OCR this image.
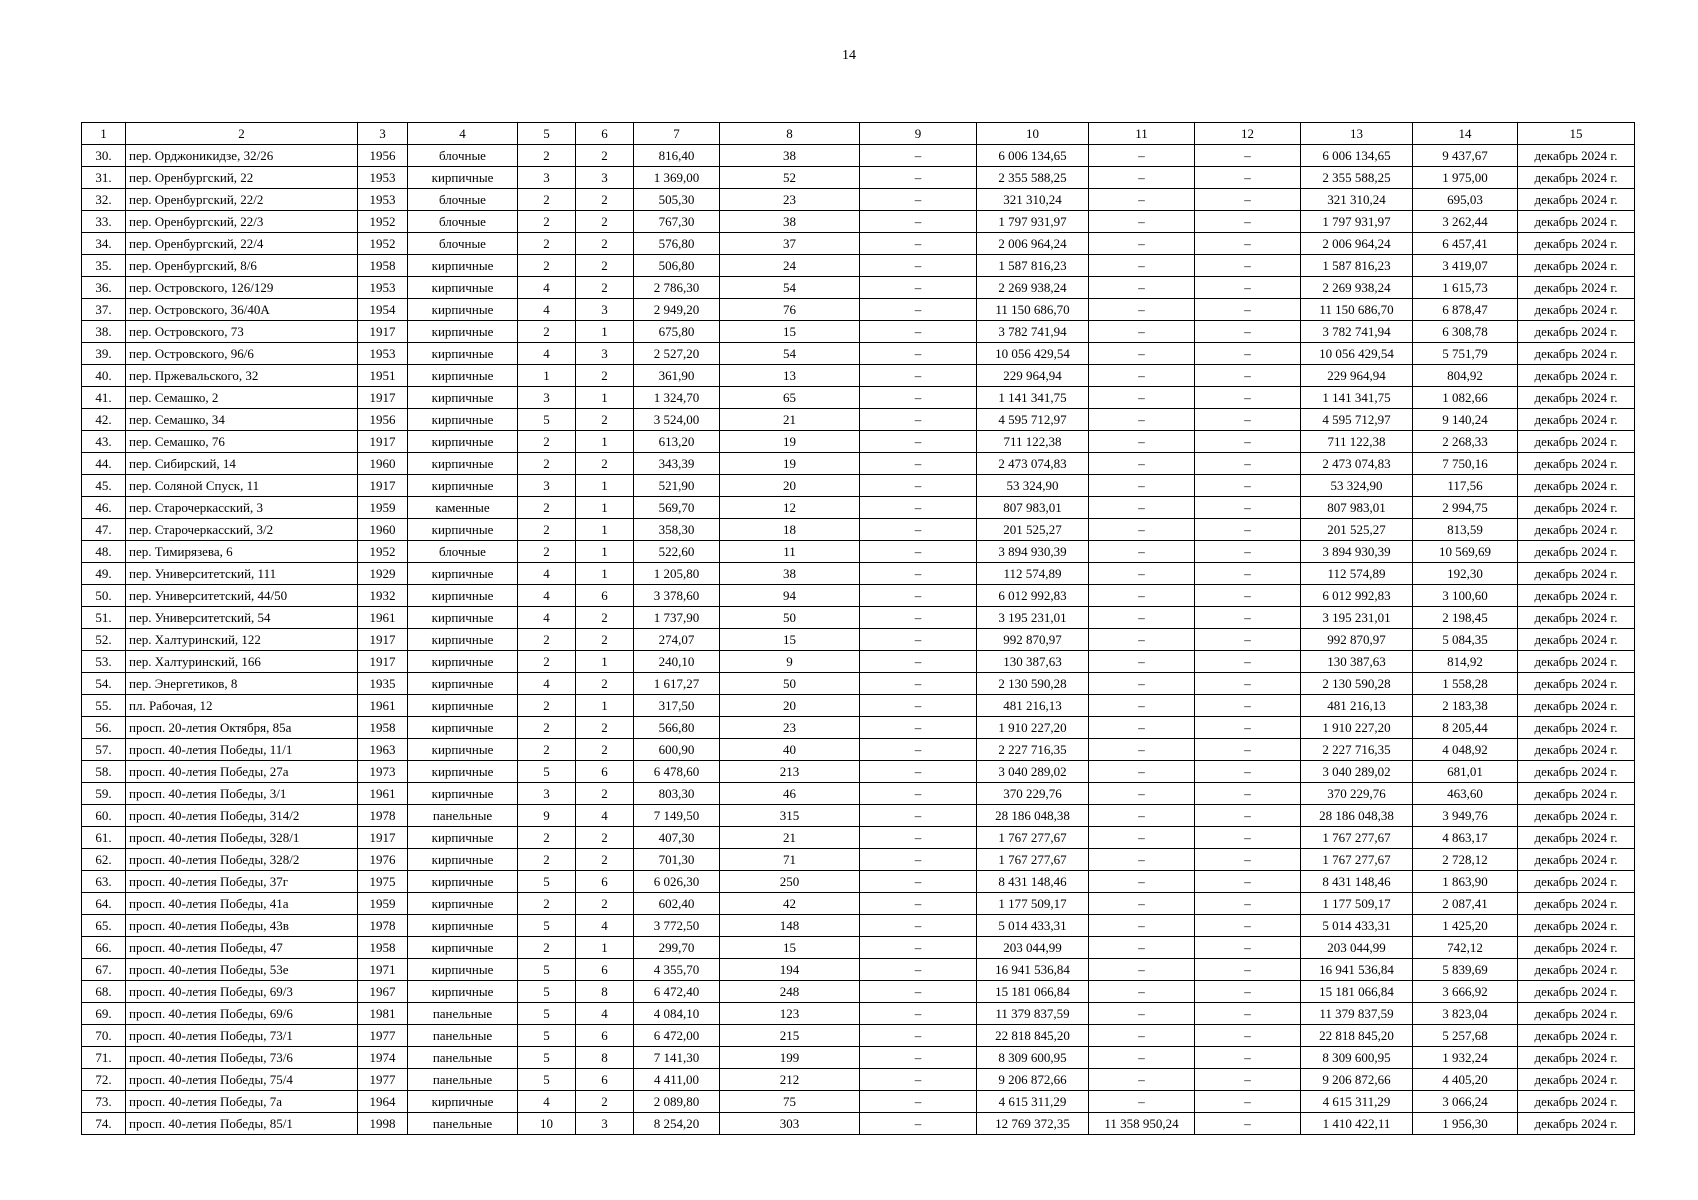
14
1	2	3	4	5	6	7	8	9	10	11	12	13	14	15
30.	пер. Орджоникидзе, 32/26	1956	блочные	2	2	816,40	38	–	6 006 134,65	–	–	6 006 134,65	9 437,67	декабрь 2024 г.
31.	пер. Оренбургский, 22	1953	кирпичные	3	3	1 369,00	52	–	2 355 588,25	–	–	2 355 588,25	1 975,00	декабрь 2024 г.
32.	пер. Оренбургский, 22/2	1953	блочные	2	2	505,30	23	–	321 310,24	–	–	321 310,24	695,03	декабрь 2024 г.
33.	пер. Оренбургский, 22/3	1952	блочные	2	2	767,30	38	–	1 797 931,97	–	–	1 797 931,97	3 262,44	декабрь 2024 г.
34.	пер. Оренбургский, 22/4	1952	блочные	2	2	576,80	37	–	2 006 964,24	–	–	2 006 964,24	6 457,41	декабрь 2024 г.
35.	пер. Оренбургский, 8/6	1958	кирпичные	2	2	506,80	24	–	1 587 816,23	–	–	1 587 816,23	3 419,07	декабрь 2024 г.
36.	пер. Островского, 126/129	1953	кирпичные	4	2	2 786,30	54	–	2 269 938,24	–	–	2 269 938,24	1 615,73	декабрь 2024 г.
37.	пер. Островского, 36/40А	1954	кирпичные	4	3	2 949,20	76	–	11 150 686,70	–	–	11 150 686,70	6 878,47	декабрь 2024 г.
38.	пер. Островского, 73	1917	кирпичные	2	1	675,80	15	–	3 782 741,94	–	–	3 782 741,94	6 308,78	декабрь 2024 г.
39.	пер. Островского, 96/6	1953	кирпичные	4	3	2 527,20	54	–	10 056 429,54	–	–	10 056 429,54	5 751,79	декабрь 2024 г.
40.	пер. Пржевальского, 32	1951	кирпичные	1	2	361,90	13	–	229 964,94	–	–	229 964,94	804,92	декабрь 2024 г.
41.	пер. Семашко, 2	1917	кирпичные	3	1	1 324,70	65	–	1 141 341,75	–	–	1 141 341,75	1 082,66	декабрь 2024 г.
42.	пер. Семашко, 34	1956	кирпичные	5	2	3 524,00	21	–	4 595 712,97	–	–	4 595 712,97	9 140,24	декабрь 2024 г.
43.	пер. Семашко, 76	1917	кирпичные	2	1	613,20	19	–	711 122,38	–	–	711 122,38	2 268,33	декабрь 2024 г.
44.	пер. Сибирский, 14	1960	кирпичные	2	2	343,39	19	–	2 473 074,83	–	–	2 473 074,83	7 750,16	декабрь 2024 г.
45.	пер. Соляной Спуск, 11	1917	кирпичные	3	1	521,90	20	–	53 324,90	–	–	53 324,90	117,56	декабрь 2024 г.
46.	пер. Старочеркасский, 3	1959	каменные	2	1	569,70	12	–	807 983,01	–	–	807 983,01	2 994,75	декабрь 2024 г.
47.	пер. Старочеркасский, 3/2	1960	кирпичные	2	1	358,30	18	–	201 525,27	–	–	201 525,27	813,59	декабрь 2024 г.
48.	пер. Тимирязева, 6	1952	блочные	2	1	522,60	11	–	3 894 930,39	–	–	3 894 930,39	10 569,69	декабрь 2024 г.
49.	пер. Университетский, 111	1929	кирпичные	4	1	1 205,80	38	–	112 574,89	–	–	112 574,89	192,30	декабрь 2024 г.
50.	пер. Университетский, 44/50	1932	кирпичные	4	6	3 378,60	94	–	6 012 992,83	–	–	6 012 992,83	3 100,60	декабрь 2024 г.
51.	пер. Университетский, 54	1961	кирпичные	4	2	1 737,90	50	–	3 195 231,01	–	–	3 195 231,01	2 198,45	декабрь 2024 г.
52.	пер. Халтуринский, 122	1917	кирпичные	2	2	274,07	15	–	992 870,97	–	–	992 870,97	5 084,35	декабрь 2024 г.
53.	пер. Халтуринский, 166	1917	кирпичные	2	1	240,10	9	–	130 387,63	–	–	130 387,63	814,92	декабрь 2024 г.
54.	пер. Энергетиков, 8	1935	кирпичные	4	2	1 617,27	50	–	2 130 590,28	–	–	2 130 590,28	1 558,28	декабрь 2024 г.
55.	пл. Рабочая, 12	1961	кирпичные	2	1	317,50	20	–	481 216,13	–	–	481 216,13	2 183,38	декабрь 2024 г.
56.	просп. 20-летия Октября, 85а	1958	кирпичные	2	2	566,80	23	–	1 910 227,20	–	–	1 910 227,20	8 205,44	декабрь 2024 г.
57.	просп. 40-летия Победы, 11/1	1963	кирпичные	2	2	600,90	40	–	2 227 716,35	–	–	2 227 716,35	4 048,92	декабрь 2024 г.
58.	просп. 40-летия Победы, 27а	1973	кирпичные	5	6	6 478,60	213	–	3 040 289,02	–	–	3 040 289,02	681,01	декабрь 2024 г.
59.	просп. 40-летия Победы, 3/1	1961	кирпичные	3	2	803,30	46	–	370 229,76	–	–	370 229,76	463,60	декабрь 2024 г.
60.	просп. 40-летия Победы, 314/2	1978	панельные	9	4	7 149,50	315	–	28 186 048,38	–	–	28 186 048,38	3 949,76	декабрь 2024 г.
61.	просп. 40-летия Победы, 328/1	1917	кирпичные	2	2	407,30	21	–	1 767 277,67	–	–	1 767 277,67	4 863,17	декабрь 2024 г.
62.	просп. 40-летия Победы, 328/2	1976	кирпичные	2	2	701,30	71	–	1 767 277,67	–	–	1 767 277,67	2 728,12	декабрь 2024 г.
63.	просп. 40-летия Победы, 37г	1975	кирпичные	5	6	6 026,30	250	–	8 431 148,46	–	–	8 431 148,46	1 863,90	декабрь 2024 г.
64.	просп. 40-летия Победы, 41а	1959	кирпичные	2	2	602,40	42	–	1 177 509,17	–	–	1 177 509,17	2 087,41	декабрь 2024 г.
65.	просп. 40-летия Победы, 43в	1978	кирпичные	5	4	3 772,50	148	–	5 014 433,31	–	–	5 014 433,31	1 425,20	декабрь 2024 г.
66.	просп. 40-летия Победы, 47	1958	кирпичные	2	1	299,70	15	–	203 044,99	–	–	203 044,99	742,12	декабрь 2024 г.
67.	просп. 40-летия Победы, 53е	1971	кирпичные	5	6	4 355,70	194	–	16 941 536,84	–	–	16 941 536,84	5 839,69	декабрь 2024 г.
68.	просп. 40-летия Победы, 69/3	1967	кирпичные	5	8	6 472,40	248	–	15 181 066,84	–	–	15 181 066,84	3 666,92	декабрь 2024 г.
69.	просп. 40-летия Победы, 69/6	1981	панельные	5	4	4 084,10	123	–	11 379 837,59	–	–	11 379 837,59	3 823,04	декабрь 2024 г.
70.	просп. 40-летия Победы, 73/1	1977	панельные	5	6	6 472,00	215	–	22 818 845,20	–	–	22 818 845,20	5 257,68	декабрь 2024 г.
71.	просп. 40-летия Победы, 73/6	1974	панельные	5	8	7 141,30	199	–	8 309 600,95	–	–	8 309 600,95	1 932,24	декабрь 2024 г.
72.	просп. 40-летия Победы, 75/4	1977	панельные	5	6	4 411,00	212	–	9 206 872,66	–	–	9 206 872,66	4 405,20	декабрь 2024 г.
73.	просп. 40-летия Победы, 7а	1964	кирпичные	4	2	2 089,80	75	–	4 615 311,29	–	–	4 615 311,29	3 066,24	декабрь 2024 г.
74.	просп. 40-летия Победы, 85/1	1998	панельные	10	3	8 254,20	303	–	12 769 372,35	11 358 950,24	–	1 410 422,11	1 956,30	декабрь 2024 г.
